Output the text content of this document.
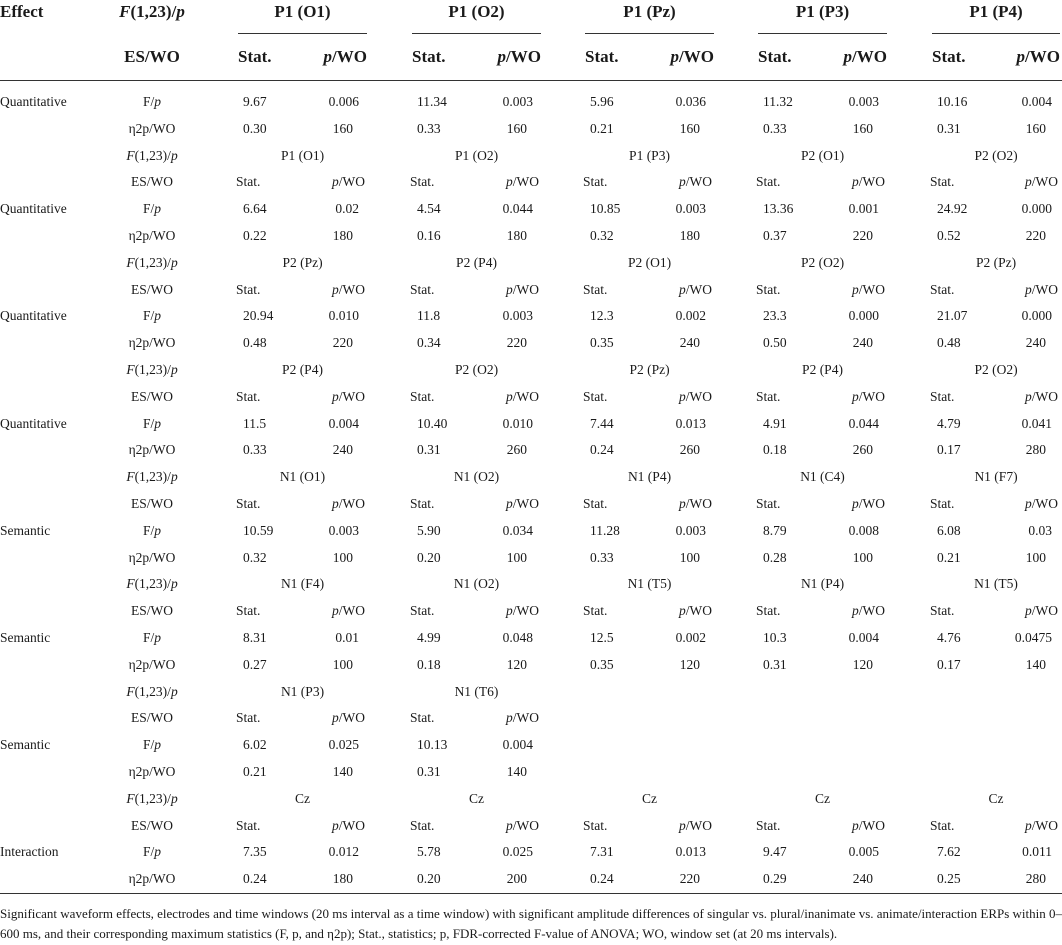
Effect	F(1,23)/p	P1 (O1)	P1 (O2)	P1 (Pz)	P1 (P3)	P1 (P4)
ES/WO	Stat.	p/WO	Stat.	p/WO	Stat.	p/WO	Stat.	p/WO	Stat.	p/WO
Quantitative	F/p	9.67	0.006	11.34	0.003	5.96	0.036	11.32	0.003	10.16	0.004
η2p/WO	0.30	160	0.33	160	0.21	160	0.33	160	0.31	160
F(1,23)/p	P1 (O1)	P1 (O2)	P1 (P3)	P2 (O1)	P2 (O2)
ES/WO	Stat.	p/WO	Stat.	p/WO	Stat.	p/WO	Stat.	p/WO	Stat.	p/WO
Quantitative	F/p	6.64	0.02	4.54	0.044	10.85	0.003	13.36	0.001	24.92	0.000
η2p/WO	0.22	180	0.16	180	0.32	180	0.37	220	0.52	220
F(1,23)/p	P2 (Pz)	P2 (P4)	P2 (O1)	P2 (O2)	P2 (Pz)
ES/WO	Stat.	p/WO	Stat.	p/WO	Stat.	p/WO	Stat.	p/WO	Stat.	p/WO
Quantitative	F/p	20.94	0.010	11.8	0.003	12.3	0.002	23.3	0.000	21.07	0.000
η2p/WO	0.48	220	0.34	220	0.35	240	0.50	240	0.48	240
F(1,23)/p	P2 (P4)	P2 (O2)	P2 (Pz)	P2 (P4)	P2 (O2)
ES/WO	Stat.	p/WO	Stat.	p/WO	Stat.	p/WO	Stat.	p/WO	Stat.	p/WO
Quantitative	F/p	11.5	0.004	10.40	0.010	7.44	0.013	4.91	0.044	4.79	0.041
η2p/WO	0.33	240	0.31	260	0.24	260	0.18	260	0.17	280
F(1,23)/p	N1 (O1)	N1 (O2)	N1 (P4)	N1 (C4)	N1 (F7)
ES/WO	Stat.	p/WO	Stat.	p/WO	Stat.	p/WO	Stat.	p/WO	Stat.	p/WO
Semantic	F/p	10.59	0.003	5.90	0.034	11.28	0.003	8.79	0.008	6.08	0.03
η2p/WO	0.32	100	0.20	100	0.33	100	0.28	100	0.21	100
F(1,23)/p	N1 (F4)	N1 (O2)	N1 (T5)	N1 (P4)	N1 (T5)
ES/WO	Stat.	p/WO	Stat.	p/WO	Stat.	p/WO	Stat.	p/WO	Stat.	p/WO
Semantic	F/p	8.31	0.01	4.99	0.048	12.5	0.002	10.3	0.004	4.76	0.0475
η2p/WO	0.27	100	0.18	120	0.35	120	0.31	120	0.17	140
F(1,23)/p	N1 (P3)	N1 (T6)
ES/WO	Stat.	p/WO	Stat.	p/WO
Semantic	F/p	6.02	0.025	10.13	0.004
η2p/WO	0.21	140	0.31	140
F(1,23)/p	Cz	Cz	Cz	Cz	Cz
ES/WO	Stat.	p/WO	Stat.	p/WO	Stat.	p/WO	Stat.	p/WO	Stat.	p/WO
Interaction	F/p	7.35	0.012	5.78	0.025	7.31	0.013	9.47	0.005	7.62	0.011
η2p/WO	0.24	180	0.20	200	0.24	220	0.29	240	0.25	280
Significant waveform effects, electrodes and time windows (20 ms interval as a time window) with significant amplitude differences of singular vs. plural/inanimate vs. animate/interaction ERPs within 0–600 ms, and their corresponding maximum statistics (F, p, and η2p); Stat., statistics; p, FDR-corrected F-value of ANOVA; WO, window set (at 20 ms intervals).
